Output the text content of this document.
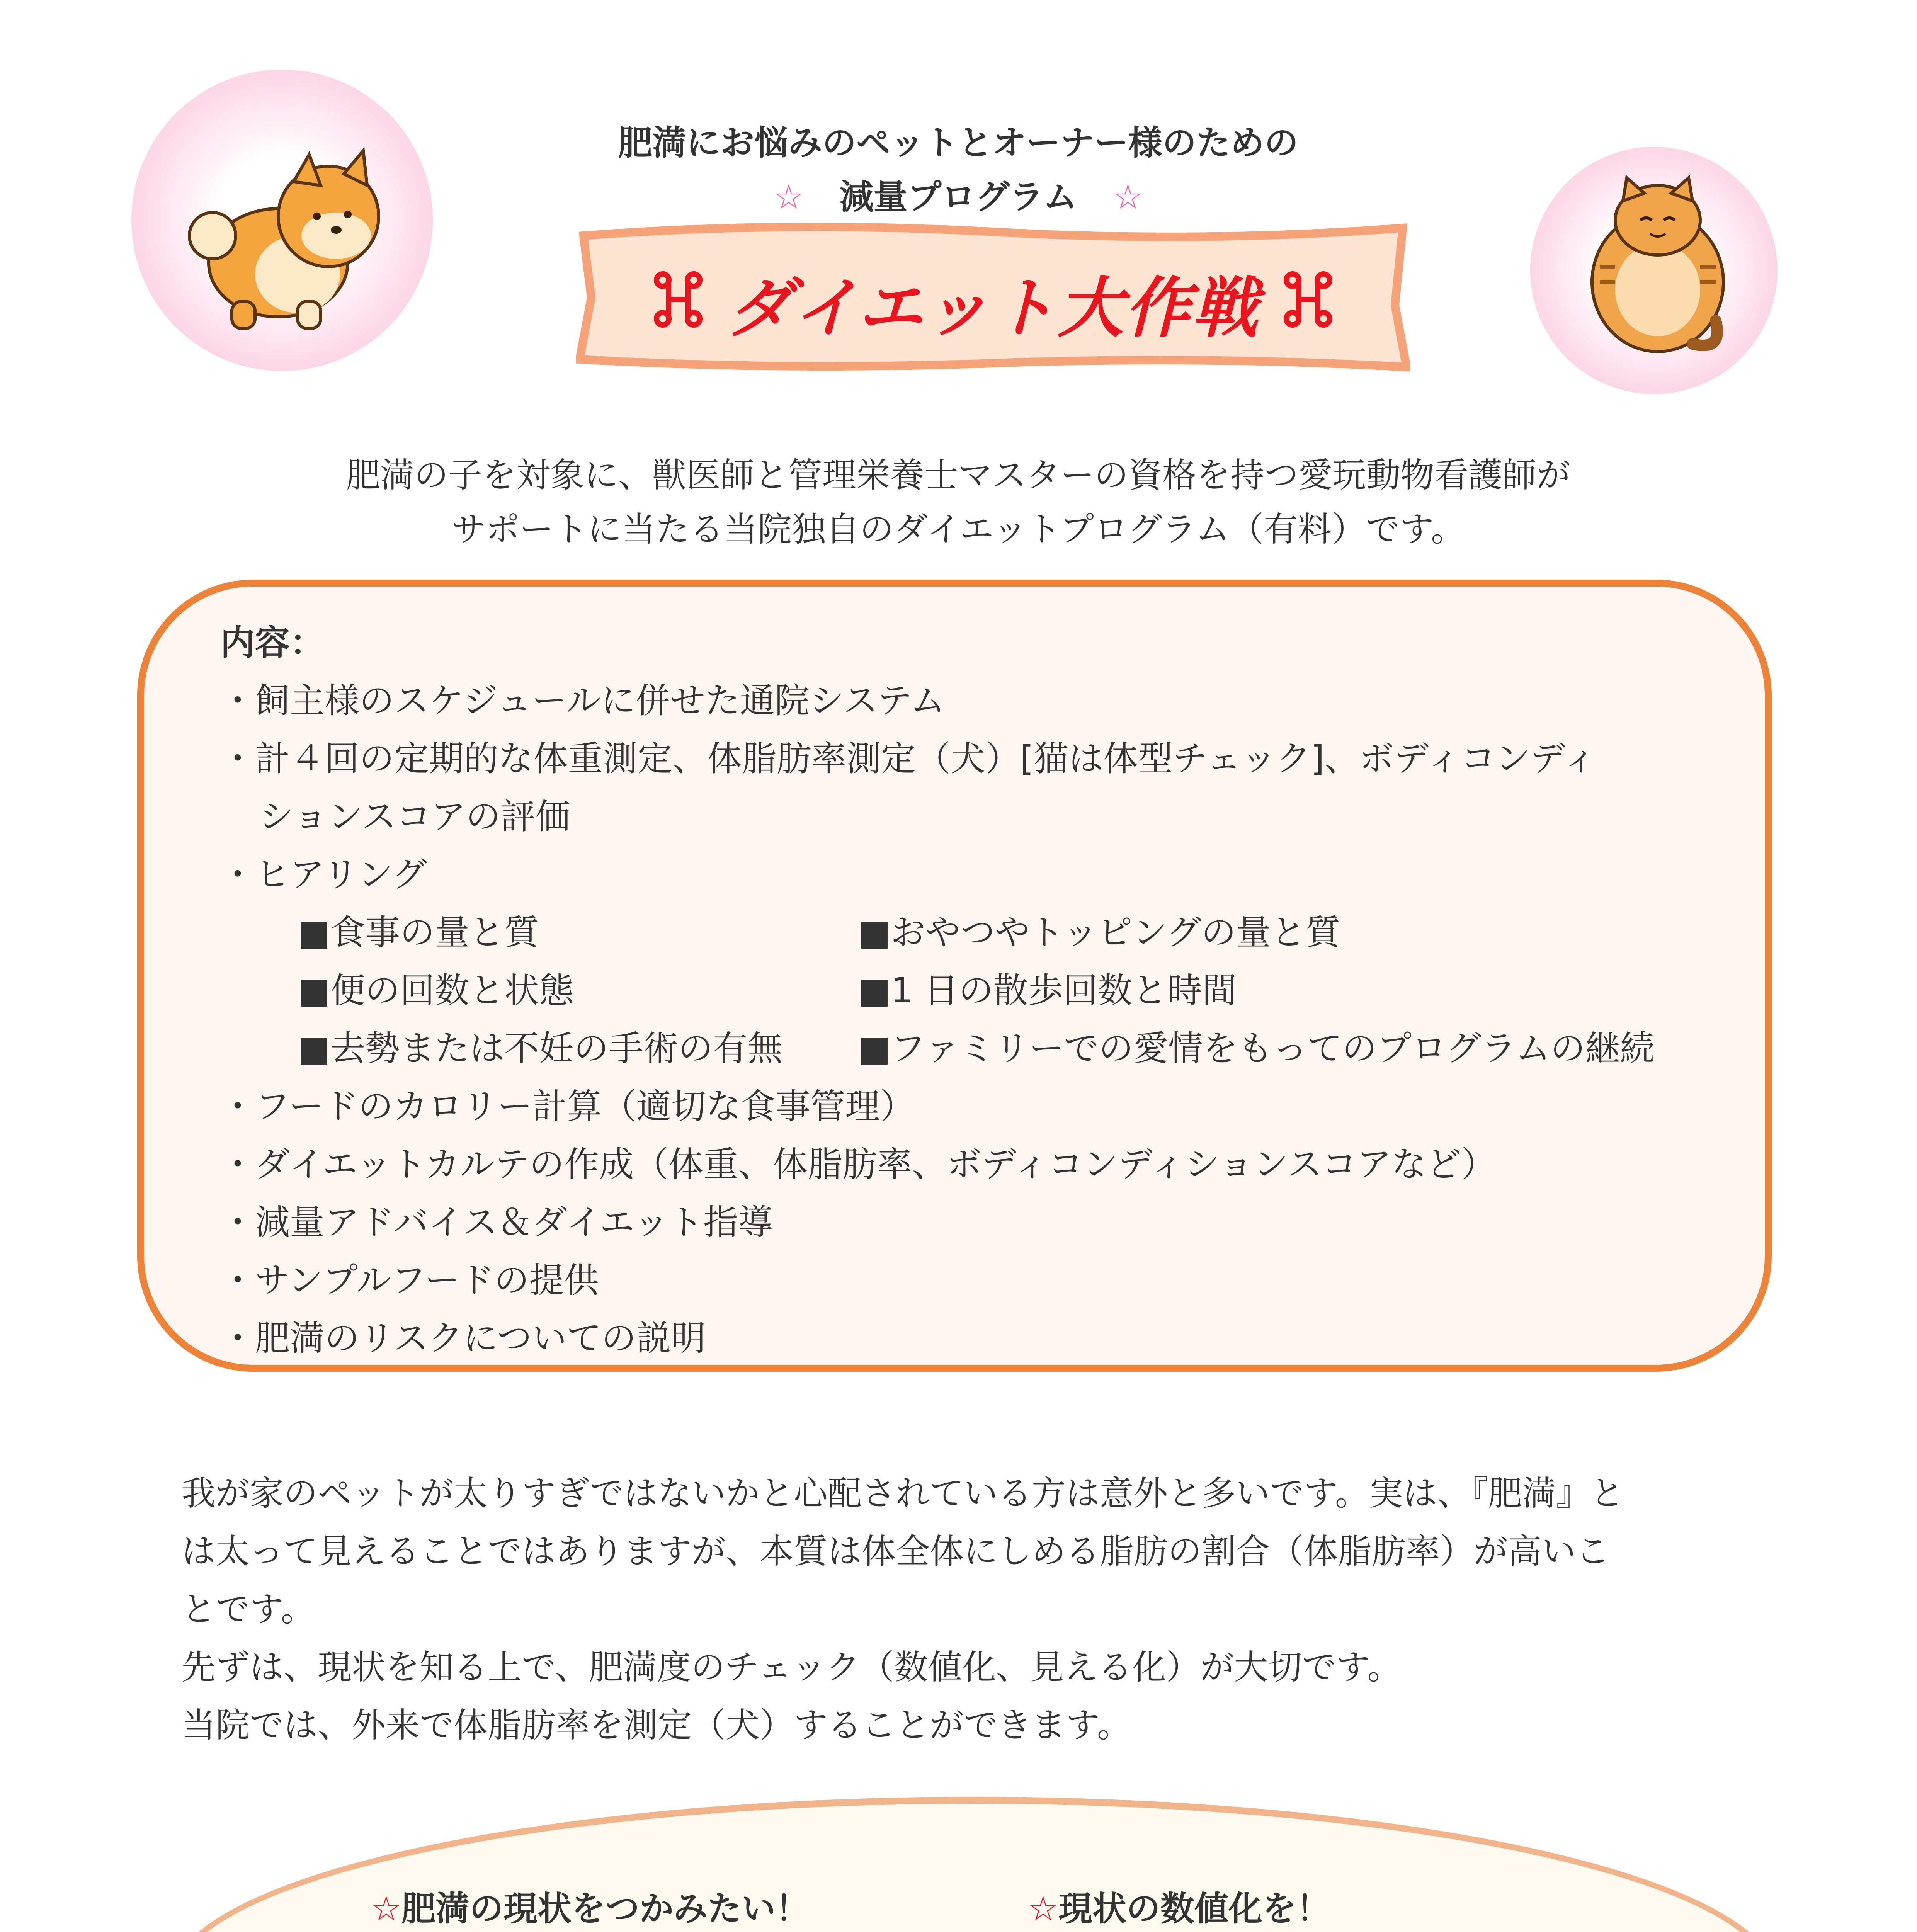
肥満にお悩みのペットとオーナー様のための
☆ 減量プログラム ☆
ダイエット大作戦
肥満の子を対象に、獣医師と管理栄養士マスターの資格を持つ愛玩動物看護師が
サポートに当たる当院独自のダイエットプログラム（有料）です。
内容：
・飼主様のスケジュールに併せた通院システム
・計４回の定期的な体重測定、体脂肪率測定（犬）[猫は体型チェック]、ボディコンディ
ションスコアの評価
・ヒアリング
■食事の量と質	■おやつやトッピングの量と質
■便の回数と状態	■1 日の散歩回数と時間
■去勢または不妊の手術の有無 ■ファミリーでの愛情をもってのプログラムの継続
・フードのカロリー計算（適切な食事管理）
・ダイエットカルテの作成（体重、体脂肪率、ボディコンディションスコアなど）
・減量アドバイス＆ダイエット指導
・サンプルフードの提供
・肥満のリスクについての説明

我が家のペットが太りすぎではないかと心配されている方は意外と多いです。実は、『肥満』と

は太って見えることではありますが、本質は体全体にしめる脂肪の割合（体脂肪率）が高いこ

とです。

先ずは、現状を知る上で、肥満度のチェック（数値化、見える化）が大切です。

当院では、外来で体脂肪率を測定（犬）することができます。

☆肥満の現状をつかみたい！	☆現状の数値化を！
